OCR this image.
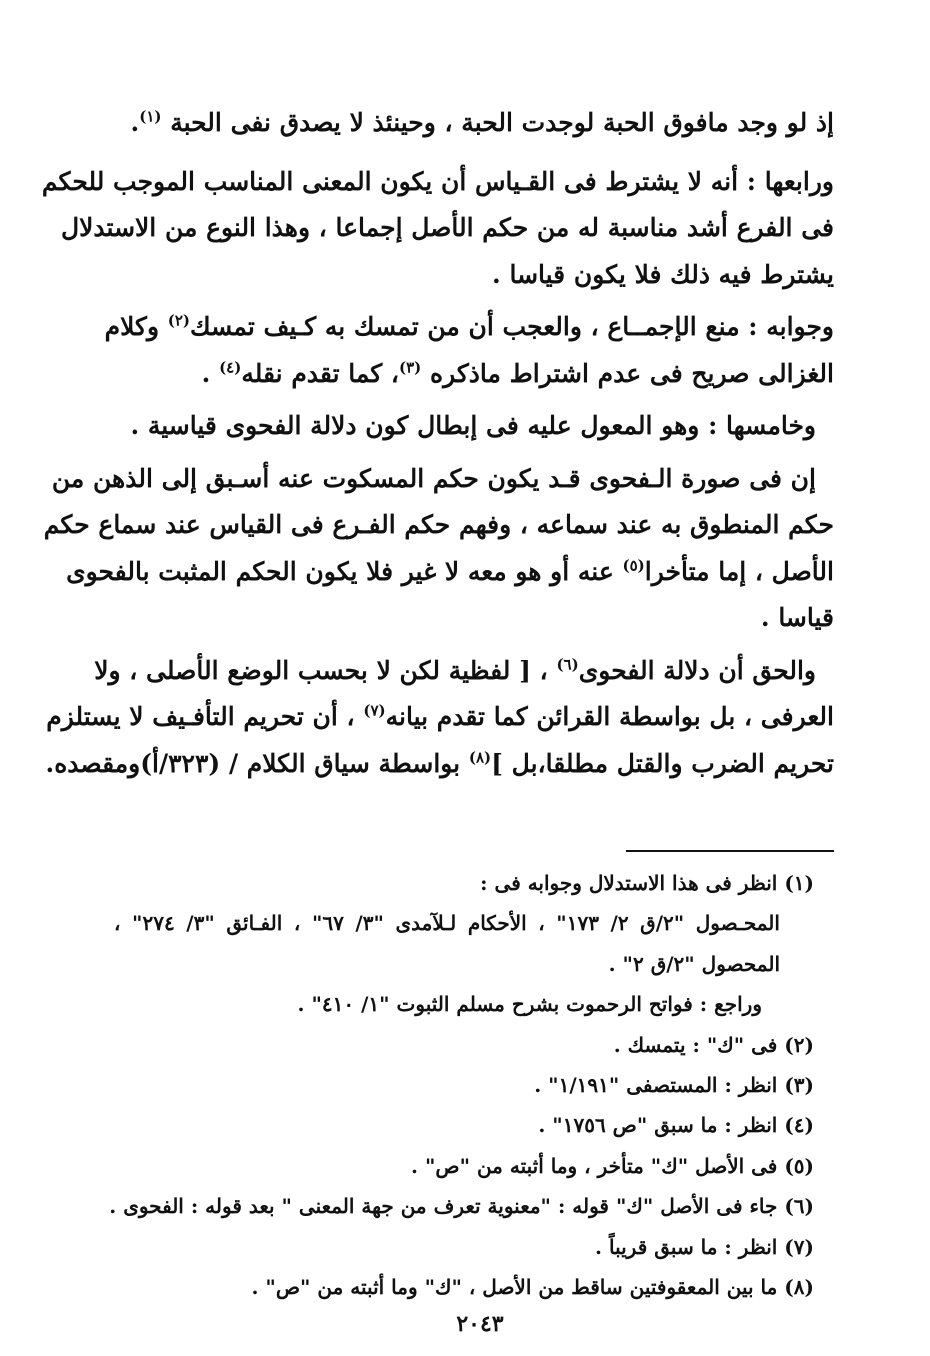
إذ لو وجد مافوق الحبة لوجدت الحبة ، وحينئذ لا يصدق نفى الحبة $^{(١)}$.
ورابعها : أنه لا يشترط فى القـياس أن يكون المعنى المناسب الموجب للحكم
فى الفرع أشد مناسبة له من حكم الأصل إجماعا ، وهذا النوع من الاستدلال
يشترط فيه ذلك فلا يكون قياسا .
وجوابه : منع الإجمــاع ، والعجب أن من تمسك به كـيف تمسك$^{(٢)}$ وكلام
الغزالى صريح فى عدم اشتراط ماذكره $^{(٣)}$، كما تقدم نقله$^{(٤)}$ .
وخامسها : وهو المعول عليه فى إبطال كون دلالة الفحوى قياسية .
إن فى صورة الـفحوى قـد يكون حكم المسكوت عنه أسـبق إلى الذهن من
حكم المنطوق به عند سماعه ، وفهم حكم الفـرع فى القياس عند سماع حكم
الأصل ، إما متأخرا$^{(٥)}$ عنه أو هو معه لا غير فلا يكون الحكم المثبت بالفحوى
قياسا .
والحق أن دلالة الفحوى$^{(٦)}$ ، [ لفظية لكن لا بحسب الوضع الأصلى ، ولا
العرفى ، بل بواسطة القرائن كما تقدم بيانه$^{(٧)}$ ، أن تحريم التأفـيف لا يستلزم
تحريم الضرب والقتل مطلقا،بل ]$^{(٨)}$ بواسطة سياق الكلام / (٣٢٣/أ)ومقصده.
(١) انظر فى هذا الاستدلال وجوابه فى :
المحـصول "٢/ق ٢/ ١٧٣" ، الأحكام لـلآمدى "٣/ ٦٧" ، الفـائق "٣/ ٢٧٤" ،
المحصول "٢/ق ٢" .
وراجع : فواتح الرحموت بشرح مسلم الثبوت "١/ ٤١٠" .
(٢) فى "ك" : يتمسك .
(٣) انظر : المستصفى "١/١٩١" .
(٤) انظر : ما سبق "ص ١٧٥٦" .
(٥) فى الأصل "ك" متأخر ، وما أثبته من "ص" .
(٦) جاء فى الأصل "ك" قوله : "معنوية تعرف من جهة المعنى " بعد قوله : الفحوى .
(٧) انظر : ما سبق قريباً .
(٨) ما بين المعقوفتين ساقط من الأصل ، "ك" وما أثبته من "ص" .
٢٠٤٣
